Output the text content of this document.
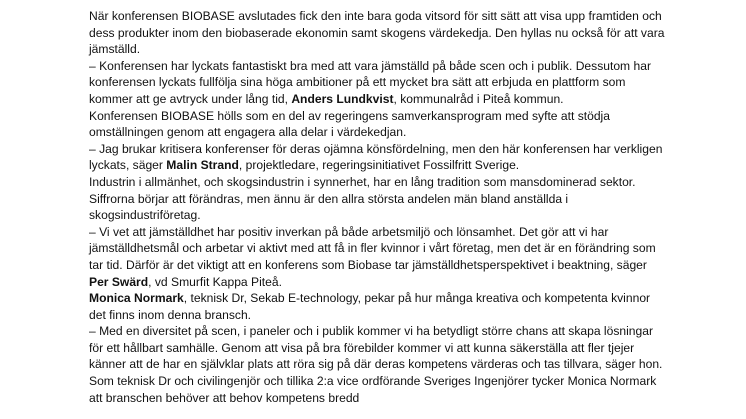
När konferensen BIOBASE avslutades fick den inte bara goda vitsord för sitt sätt att visa upp framtiden och dess produkter inom den biobaserade ekonomin samt skogens värdekedja. Den hyllas nu också för att vara jämställd.

– Konferensen har lyckats fantastiskt bra med att vara jämställd på både scen och i publik. Dessutom har konferensen lyckats fullfölja sina höga ambitioner på ett mycket bra sätt att erbjuda en plattform som kommer att ge avtryck under lång tid, Anders Lundkvist, kommunalråd i Piteå kommun.

Konferensen BIOBASE hölls som en del av regeringens samverkansprogram med syfte att stödja omställningen genom att engagera alla delar i värdekedjan.

– Jag brukar kritisera konferenser för deras ojämna könsfördelning, men den här konferensen har verkligen lyckats, säger Malin Strand, projektledare, regeringsinitiativet Fossilfritt Sverige.

Industrin i allmänhet, och skogsindustrin i synnerhet, har en lång tradition som mansdominerad sektor. Siffrorna börjar att förändras, men ännu är den allra största andelen män bland anställda i skogsindustriföretag.

– Vi vet att jämställdhet har positiv inverkan på både arbetsmiljö och lönsamhet. Det gör att vi har jämställdhetsmål och arbetar vi aktivt med att få in fler kvinnor i vårt företag, men det är en förändring som tar tid. Därför är det viktigt att en konferens som Biobase tar jämställdhetsperspektivet i beaktning, säger Per Swärd, vd Smurfit Kappa Piteå.

Monica Normark, teknisk Dr, Sekab E-technology, pekar på hur många kreativa och kompetenta kvinnor det finns inom denna bransch.

– Med en diversitet på scen, i paneler och i publik kommer vi ha betydligt större chans att skapa lösningar för ett hållbart samhälle. Genom att visa på bra förebilder kommer vi att kunna säkerställa att fler tjejer känner att de har en självklar plats att röra sig på där deras kompetens värderas och tas tillvara, säger hon.

Som teknisk Dr och civilingenjör och tillika 2:a vice ordförande Sveriges Ingenjörer tycker Monica Normark att branschen behöver att behov kompetens bredd
